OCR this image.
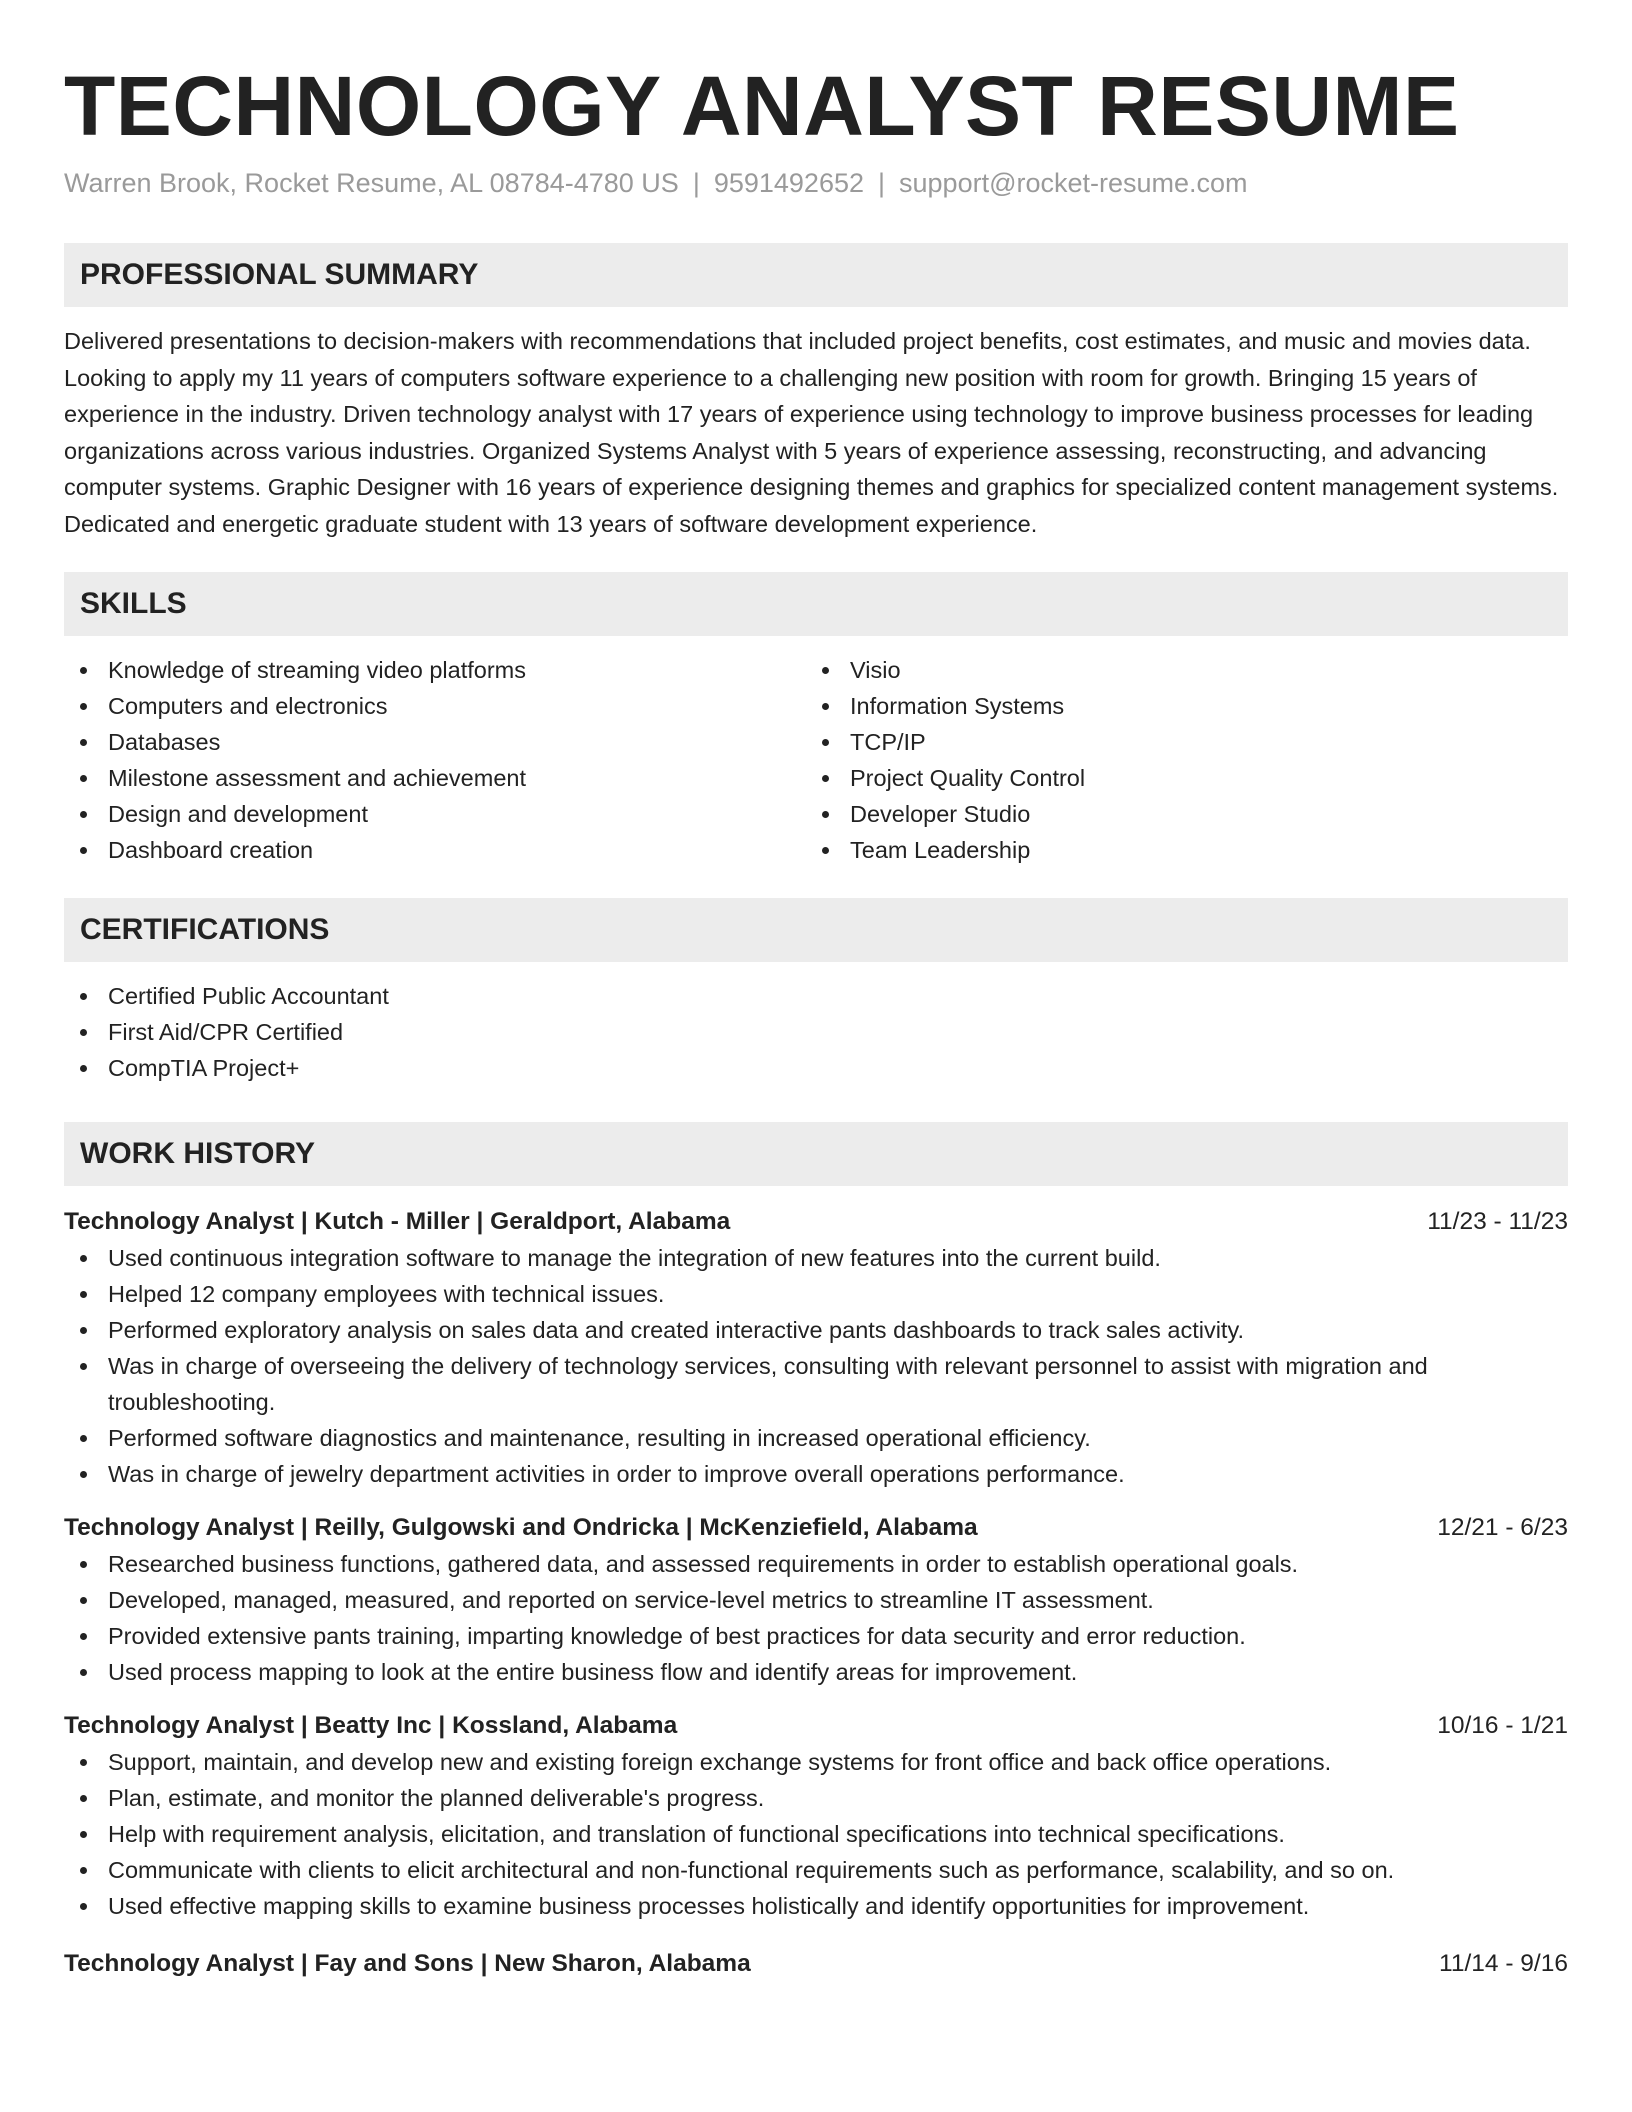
TECHNOLOGY ANALYST RESUME
Warren Brook, Rocket Resume, AL 08784-4780 US | 9591492652 | support@rocket-resume.com
PROFESSIONAL SUMMARY
Delivered presentations to decision-makers with recommendations that included project benefits, cost estimates, and music and movies data. Looking to apply my 11 years of computers software experience to a challenging new position with room for growth. Bringing 15 years of experience in the industry. Driven technology analyst with 17 years of experience using technology to improve business processes for leading organizations across various industries. Organized Systems Analyst with 5 years of experience assessing, reconstructing, and advancing computer systems. Graphic Designer with 16 years of experience designing themes and graphics for specialized content management systems. Dedicated and energetic graduate student with 13 years of software development experience.
SKILLS
Knowledge of streaming video platforms
Computers and electronics
Databases
Milestone assessment and achievement
Design and development
Dashboard creation
Visio
Information Systems
TCP/IP
Project Quality Control
Developer Studio
Team Leadership
CERTIFICATIONS
Certified Public Accountant
First Aid/CPR Certified
CompTIA Project+
WORK HISTORY
Technology Analyst | Kutch - Miller | Geraldport, Alabama	11/23 - 11/23
Used continuous integration software to manage the integration of new features into the current build.
Helped 12 company employees with technical issues.
Performed exploratory analysis on sales data and created interactive pants dashboards to track sales activity.
Was in charge of overseeing the delivery of technology services, consulting with relevant personnel to assist with migration and troubleshooting.
Performed software diagnostics and maintenance, resulting in increased operational efficiency.
Was in charge of jewelry department activities in order to improve overall operations performance.
Technology Analyst | Reilly, Gulgowski and Ondricka | McKenziefield, Alabama	12/21 - 6/23
Researched business functions, gathered data, and assessed requirements in order to establish operational goals.
Developed, managed, measured, and reported on service-level metrics to streamline IT assessment.
Provided extensive pants training, imparting knowledge of best practices for data security and error reduction.
Used process mapping to look at the entire business flow and identify areas for improvement.
Technology Analyst | Beatty Inc | Kossland, Alabama	10/16 - 1/21
Support, maintain, and develop new and existing foreign exchange systems for front office and back office operations.
Plan, estimate, and monitor the planned deliverable's progress.
Help with requirement analysis, elicitation, and translation of functional specifications into technical specifications.
Communicate with clients to elicit architectural and non-functional requirements such as performance, scalability, and so on.
Used effective mapping skills to examine business processes holistically and identify opportunities for improvement.
Technology Analyst | Fay and Sons | New Sharon, Alabama	11/14 - 9/16
